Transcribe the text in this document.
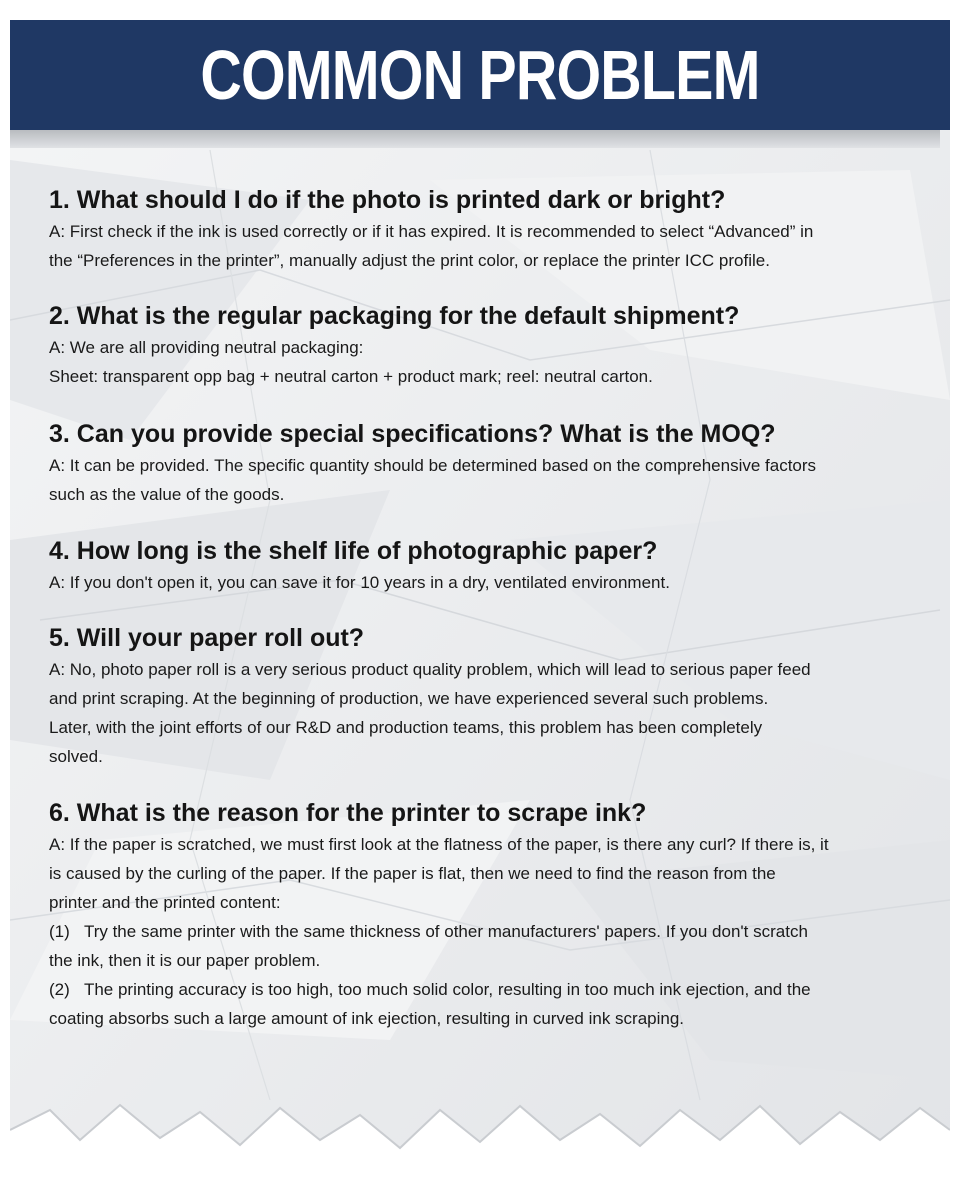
COMMON PROBLEM

1. What should I do if the photo is printed dark or bright?

A: First check if the ink is used correctly or if it has expired. It is recommended to select “Advanced” in

the “Preferences in the printer”, manually adjust the print color, or replace the printer ICC profile.

2. What is the regular packaging for the default shipment?

A: We are all providing neutral packaging:

Sheet: transparent opp bag + neutral carton + product mark; reel: neutral carton.

3. Can you provide special specifications? What is the MOQ?

A: It can be provided. The specific quantity should be determined based on the comprehensive factors

such as the value of the goods.

4. How long is the shelf life of photographic paper?

A: If you don't open it, you can save it for 10 years in a dry, ventilated environment.

5. Will your paper roll out?

A: No, photo paper roll is a very serious product quality problem, which will lead to serious paper feed

and print scraping. At the beginning of production, we have experienced several such problems.

Later, with the joint efforts of our R&D and production teams, this problem has been completely

solved.

6. What is the reason for the printer to scrape ink?

A: If the paper is scratched, we must first look at the flatness of the paper, is there any curl? If there is, it

is caused by the curling of the paper. If the paper is flat, then we need to find the reason from the

printer and the printed content:

(1)   Try the same printer with the same thickness of other manufacturers' papers. If you don't scratch

the ink, then it is our paper problem.

(2)   The printing accuracy is too high, too much solid color, resulting in too much ink ejection, and the

coating absorbs such a large amount of ink ejection, resulting in curved ink scraping.
